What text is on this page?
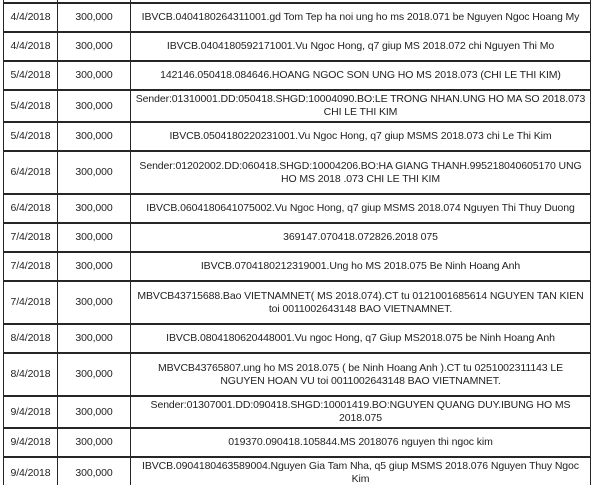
4/4/2018	300,000	IBVCB.0404180264311001.gd Tom Tep ha noi ung ho ms 2018.071 be Nguyen Ngoc Hoang My
4/4/2018	300,000	IBVCB.0404180592171001.Vu Ngoc Hong, q7 giup MS 2018.072 chi Nguyen Thi Mo
5/4/2018	300,000	142146.050418.084646.HOANG NGOC SON UNG HO MS 2018.073 (CHI LE THI KIM)
5/4/2018	300,000	Sender:01310001.DD:050418.SHGD:10004090.BO:LE TRONG NHAN.UNG HO MA SO 2018.073 CHI LE THI KIM
5/4/2018	300,000	IBVCB.0504180220231001.Vu Ngoc Hong, q7 giup MSMS 2018.073 chi Le Thi Kim
6/4/2018	300,000	Sender:01202002.DD:060418.SHGD:10004206.BO:HA GIANG THANH.995218040605170 UNG HO MS 2018 .073 CHI LE THI KIM
6/4/2018	300,000	IBVCB.0604180641075002.Vu Ngoc Hong, q7 giup MSMS 2018.074 Nguyen Thi Thuy Duong
7/4/2018	300,000	369147.070418.072826.2018 075
7/4/2018	300,000	IBVCB.0704180212319001.Ung ho MS 2018.075 Be Ninh Hoang Anh
7/4/2018	300,000	MBVCB43715688.Bao VIETNAMNET( MS 2018.074).CT tu 0121001685614 NGUYEN TAN KIEN toi 0011002643148 BAO VIETNAMNET.
8/4/2018	300,000	IBVCB.0804180620448001.Vu ngoc Hong, q7 Giup MS2018.075 be Ninh Hoang Anh
8/4/2018	300,000	MBVCB43765807.ung ho MS 2018.075 ( be Ninh Hoang Anh ).CT tu 0251002311143 LE NGUYEN HOAN VU toi 0011002643148 BAO VIETNAMNET.
9/4/2018	300,000	Sender:01307001.DD:090418.SHGD:10001419.BO:NGUYEN QUANG DUY.IBUNG HO MS 2018.075
9/4/2018	300,000	019370.090418.105844.MS 2018076 nguyen thi ngoc kim
9/4/2018	300,000	IBVCB.0904180463589004.Nguyen Gia Tam Nha, q5 giup MSMS 2018.076 Nguyen Thuy Ngoc Kim
